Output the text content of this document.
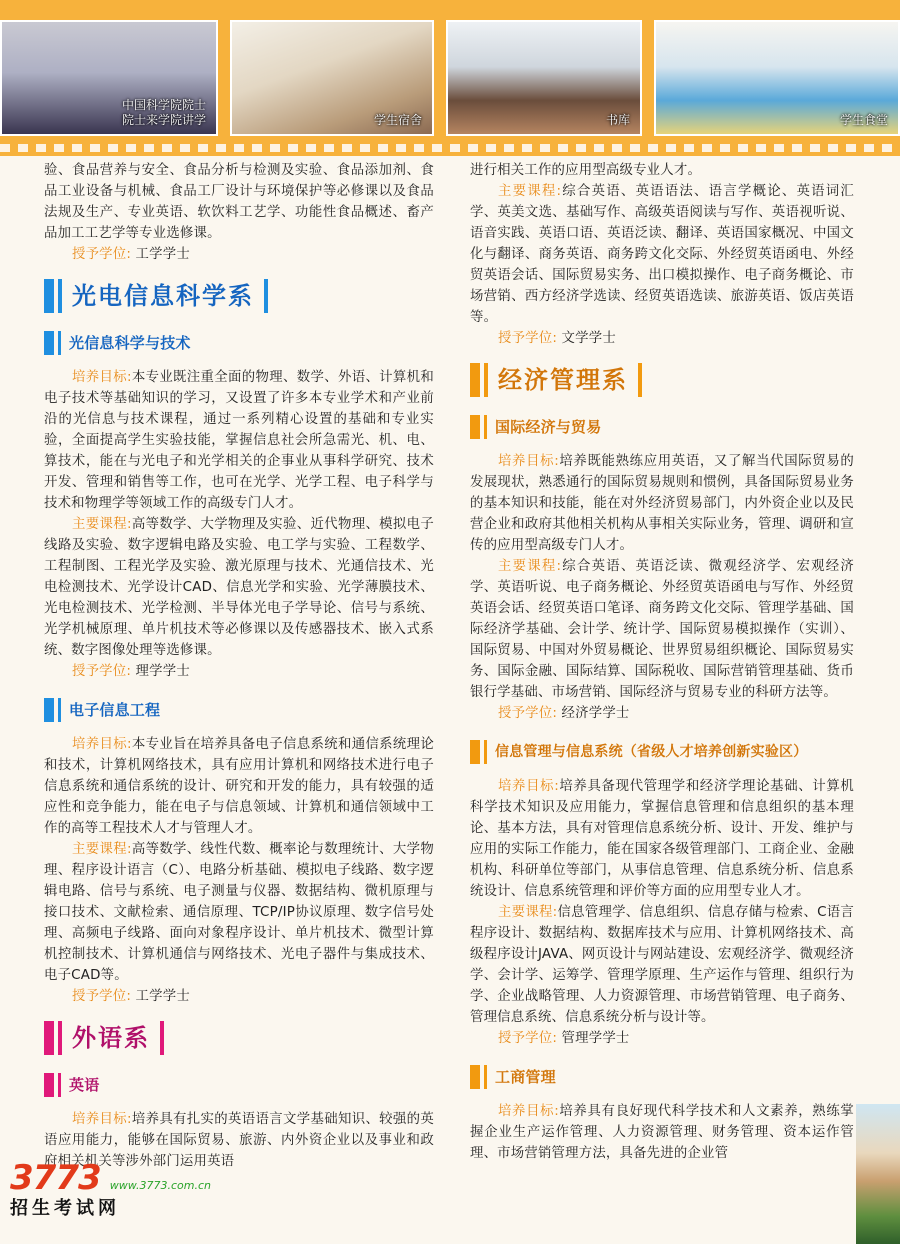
中国科学院院士
院士来学院讲学	学生宿舍	书库	学生食堂

验、食品营养与安全、食品分析与检测及实验、食品添加剂、食品工业设备与机械、食品工厂设计与环境保护等必修课以及食品法规及生产、专业英语、软饮料工艺学、功能性食品概述、畜产品加工工艺学等专业选修课。

授予学位: 工学学士

光电信息科学系
光信息科学与技术

培养目标:本专业既注重全面的物理、数学、外语、计算机和电子技术等基础知识的学习，又设置了许多本专业学术和产业前沿的光信息与技术课程，通过一系列精心设置的基础和专业实验，全面提高学生实验技能，掌握信息社会所急需光、机、电、算技术，能在与光电子和光学相关的企事业从事科学研究、技术开发、管理和销售等工作，也可在光学、光学工程、电子科学与技术和物理学等领域工作的高级专门人才。

主要课程:高等数学、大学物理及实验、近代物理、模拟电子线路及实验、数字逻辑电路及实验、电工学与实验、工程数学、工程制图、工程光学及实验、激光原理与技术、光通信技术、光电检测技术、光学设计CAD、信息光学和实验、光学薄膜技术、光电检测技术、光学检测、半导体光电子学导论、信号与系统、光学机械原理、单片机技术等必修课以及传感器技术、嵌入式系统、数字图像处理等选修课。

授予学位: 理学学士

电子信息工程

培养目标:本专业旨在培养具备电子信息系统和通信系统理论和技术，计算机网络技术，具有应用计算机和网络技术进行电子信息系统和通信系统的设计、研究和开发的能力，具有较强的适应性和竞争能力，能在电子与信息领域、计算机和通信领域中工作的高等工程技术人才与管理人才。

主要课程:高等数学、线性代数、概率论与数理统计、大学物理、程序设计语言（C）、电路分析基础、模拟电子线路、数字逻辑电路、信号与系统、电子测量与仪器、数据结构、微机原理与接口技术、文献检索、通信原理、TCP/IP协议原理、数字信号处理、高频电子线路、面向对象程序设计、单片机技术、微型计算机控制技术、计算机通信与网络技术、光电子器件与集成技术、电子CAD等。

授予学位: 工学学士

外语系
英语

培养目标:培养具有扎实的英语语言文学基础知识、较强的英语应用能力，能够在国际贸易、旅游、内外资企业以及事业和政府相关机关等涉外部门运用英语

进行相关工作的应用型高级专业人才。

主要课程:综合英语、英语语法、语言学概论、英语词汇学、英美文选、基础写作、高级英语阅读与写作、英语视听说、语音实践、英语口语、英语泛读、翻译、英语国家概况、中国文化与翻译、商务英语、商务跨文化交际、外经贸英语函电、外经贸英语会话、国际贸易实务、出口模拟操作、电子商务概论、市场营销、西方经济学选读、经贸英语选读、旅游英语、饭店英语等。

授予学位: 文学学士

经济管理系
国际经济与贸易

培养目标:培养既能熟练应用英语，又了解当代国际贸易的发展现状，熟悉通行的国际贸易规则和惯例，具备国际贸易业务的基本知识和技能，能在对外经济贸易部门，内外资企业以及民营企业和政府其他相关机构从事相关实际业务，管理、调研和宣传的应用型高级专门人才。

主要课程:综合英语、英语泛读、微观经济学、宏观经济学、英语听说、电子商务概论、外经贸英语函电与写作、外经贸英语会话、经贸英语口笔译、商务跨文化交际、管理学基础、国际经济学基础、会计学、统计学、国际贸易模拟操作（实训）、国际贸易、中国对外贸易概论、世界贸易组织概论、国际贸易实务、国际金融、国际结算、国际税收、国际营销管理基础、货币银行学基础、市场营销、国际经济与贸易专业的科研方法等。

授予学位: 经济学学士

信息管理与信息系统（省级人才培养创新实验区）

培养目标:培养具备现代管理学和经济学理论基础、计算机科学技术知识及应用能力，掌握信息管理和信息组织的基本理论、基本方法，具有对管理信息系统分析、设计、开发、维护与应用的实际工作能力，能在国家各级管理部门、工商企业、金融机构、科研单位等部门，从事信息管理、信息系统分析、信息系统设计、信息系统管理和评价等方面的应用型专业人才。

主要课程:信息管理学、信息组织、信息存储与检索、C语言程序设计、数据结构、数据库技术与应用、计算机网络技术、高级程序设计JAVA、网页设计与网站建设、宏观经济学、微观经济学、会计学、运筹学、管理学原理、生产运作与管理、组织行为学、企业战略管理、人力资源管理、市场营销管理、电子商务、管理信息系统、信息系统分析与设计等。

授予学位: 管理学学士

工商管理

培养目标:培养具有良好现代科学技术和人文素养，熟练掌握企业生产运作管理、人力资源管理、财务管理、资本运作管理、市场营销管理方法，具备先进的企业管

3773 www.3773.com.cn
招生考试网
